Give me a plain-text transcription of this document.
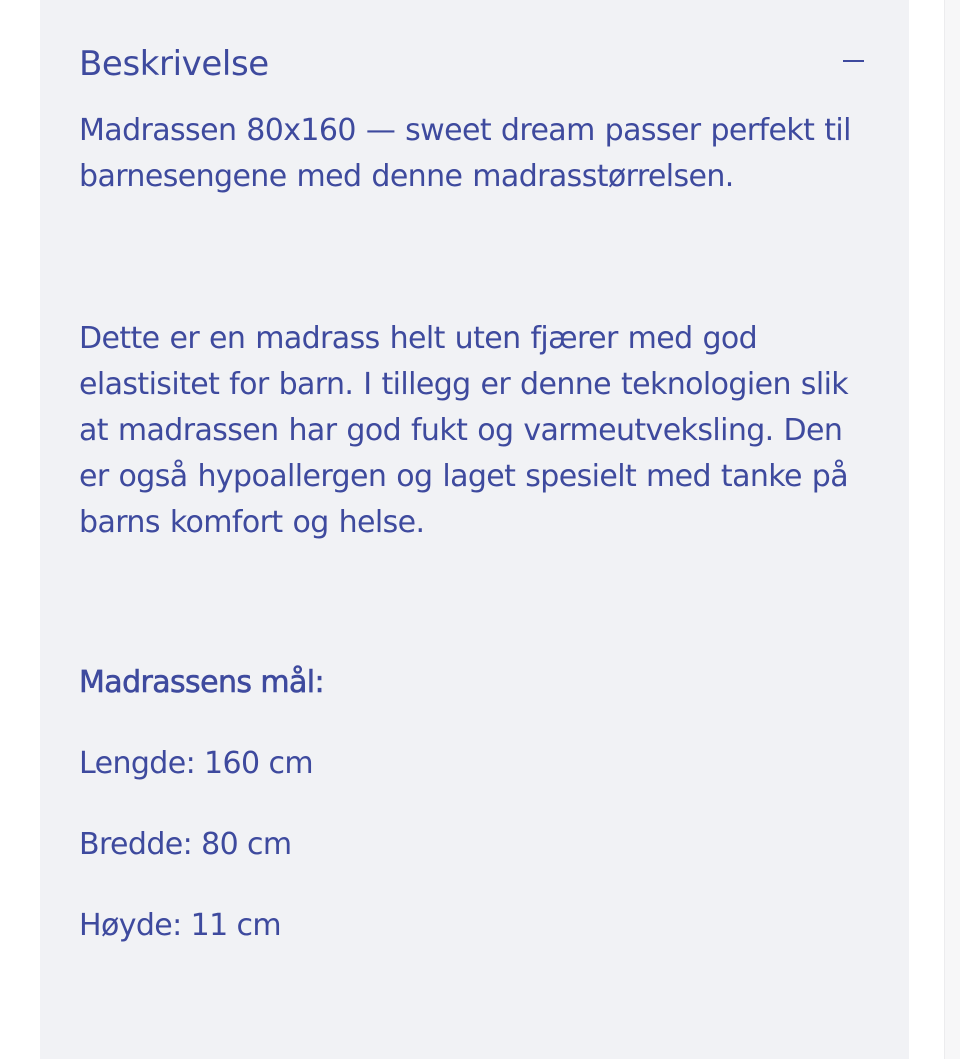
Beskrivelse

Madrassen 80x160 — sweet dream passer perfekt til barnesengene med denne madrasstørrelsen.

Dette er en madrass helt uten fjærer med god elastisitet for barn. I tillegg er denne teknologien slik at madrassen har god fukt og varmeutveksling. Den er også hypoallergen og laget spesielt med tanke på barns komfort og helse.

Madrassens mål:

Lengde: 160 cm

Bredde: 80 cm

Høyde: 11 cm
